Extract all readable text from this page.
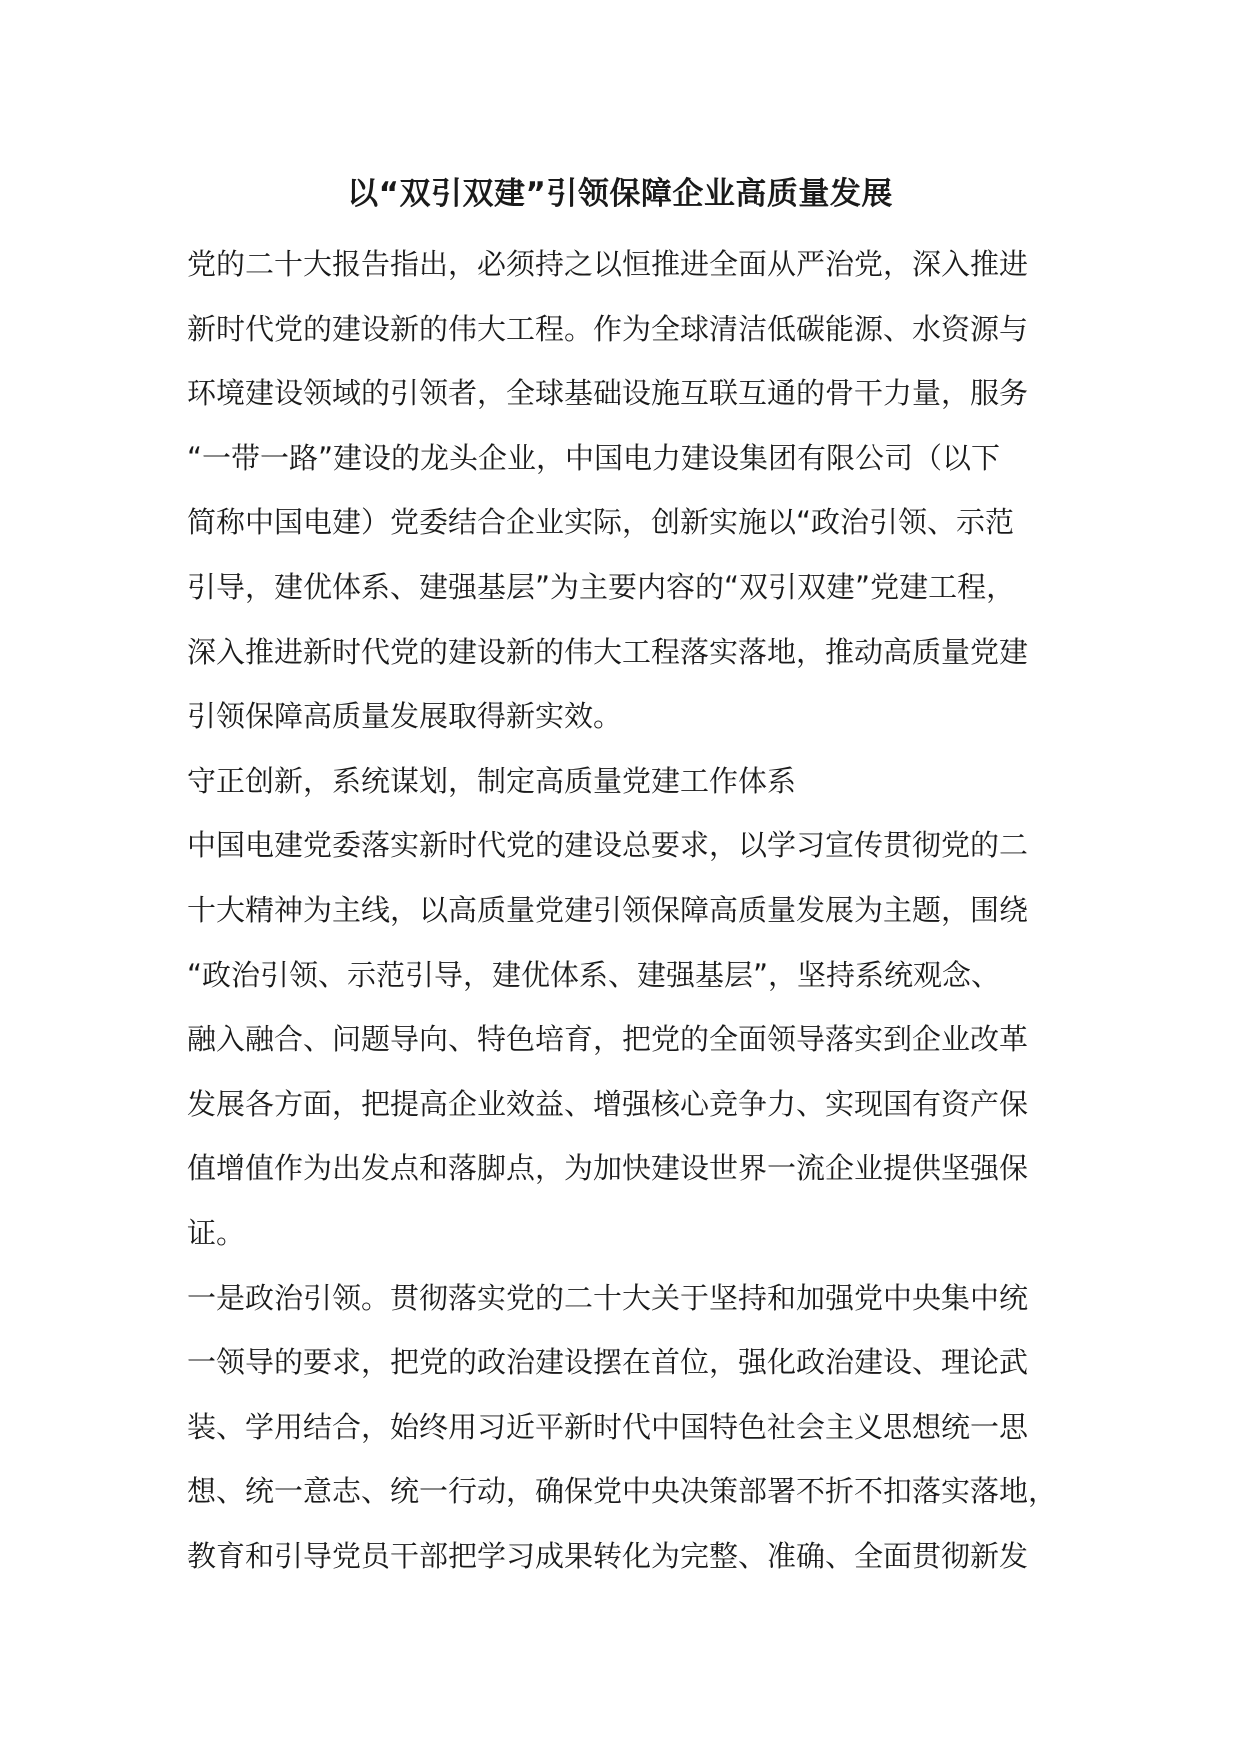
以“双引双建”引领保障企业高质量发展
党的二十大报告指出，必须持之以恒推进全面从严治党，深入推进
新时代党的建设新的伟大工程。作为全球清洁低碳能源、水资源与
环境建设领域的引领者，全球基础设施互联互通的骨干力量，服务
“一带一路”建设的龙头企业，中国电力建设集团有限公司（以下
简称中国电建）党委结合企业实际，创新实施以“政治引领、示范
引导，建优体系、建强基层”为主要内容的“双引双建”党建工程，
深入推进新时代党的建设新的伟大工程落实落地，推动高质量党建
引领保障高质量发展取得新实效。
守正创新，系统谋划，制定高质量党建工作体系
中国电建党委落实新时代党的建设总要求，以学习宣传贯彻党的二
十大精神为主线，以高质量党建引领保障高质量发展为主题，围绕
“政治引领、示范引导，建优体系、建强基层”，坚持系统观念、
融入融合、问题导向、特色培育，把党的全面领导落实到企业改革
发展各方面，把提高企业效益、增强核心竞争力、实现国有资产保
值增值作为出发点和落脚点，为加快建设世界一流企业提供坚强保
证。
一是政治引领。贯彻落实党的二十大关于坚持和加强党中央集中统
一领导的要求，把党的政治建设摆在首位，强化政治建设、理论武
装、学用结合，始终用习近平新时代中国特色社会主义思想统一思
想、统一意志、统一行动，确保党中央决策部署不折不扣落实落地，
教育和引导党员干部把学习成果转化为完整、准确、全面贯彻新发
